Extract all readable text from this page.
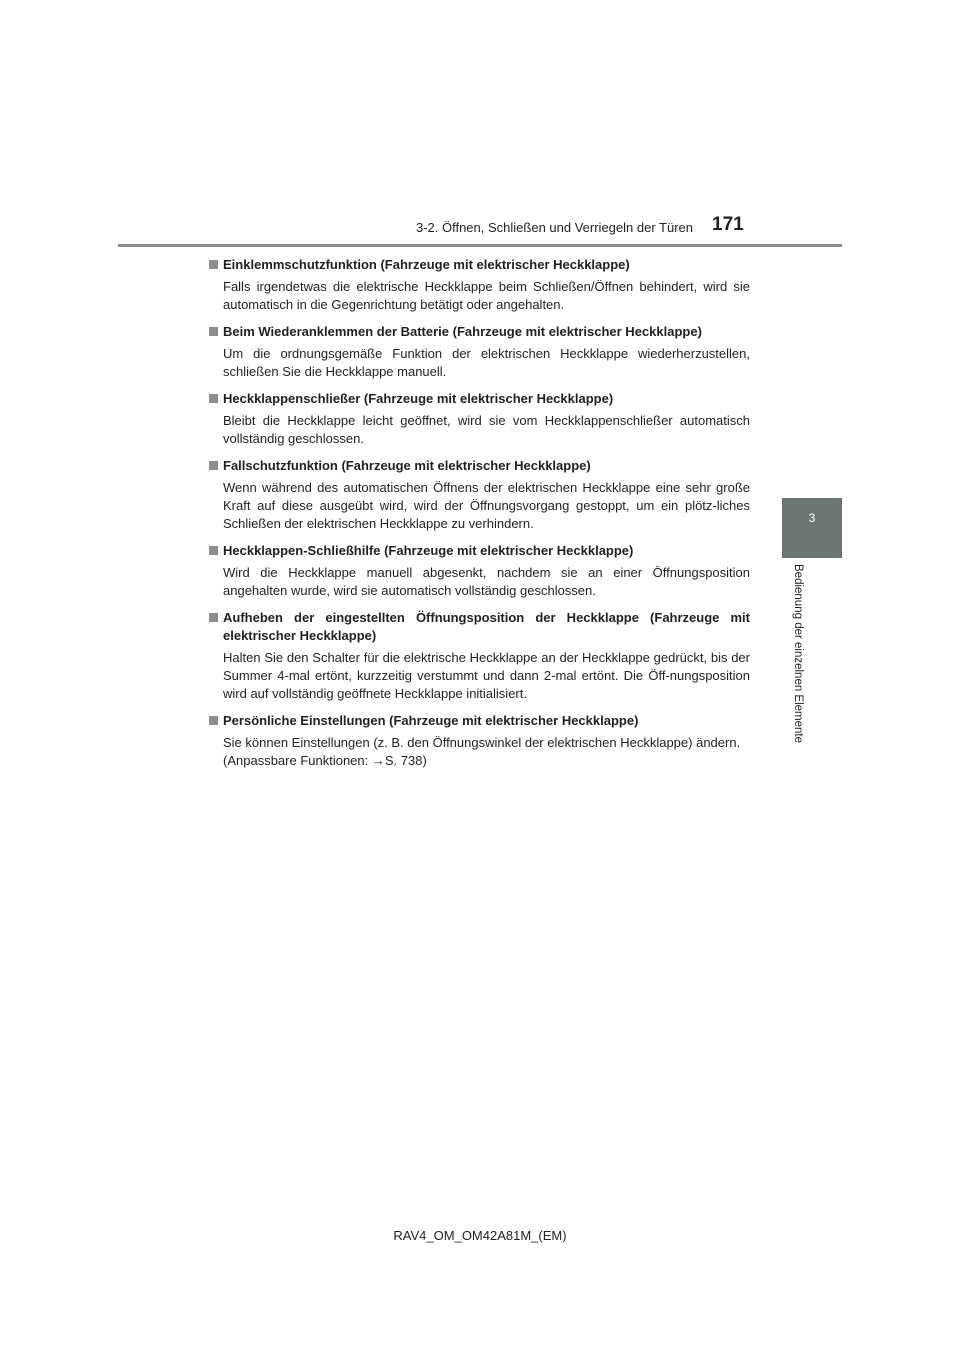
3-2. Öffnen, Schließen und Verriegeln der Türen 171
3
Bedienung der einzelnen Elemente
Einklemmschutzfunktion (Fahrzeuge mit elektrischer Heckklappe)

Falls irgendetwas die elektrische Heckklappe beim Schließen/Öffnen behindert, wird sie automatisch in die Gegenrichtung betätigt oder angehalten.

Beim Wiederanklemmen der Batterie (Fahrzeuge mit elektrischer Heckklappe)

Um die ordnungsgemäße Funktion der elektrischen Heckklappe wiederherzustellen, schließen Sie die Heckklappe manuell.

Heckklappenschließer (Fahrzeuge mit elektrischer Heckklappe)

Bleibt die Heckklappe leicht geöffnet, wird sie vom Heckklappenschließer automatisch vollständig geschlossen.

Fallschutzfunktion (Fahrzeuge mit elektrischer Heckklappe)

Wenn während des automatischen Öffnens der elektrischen Heckklappe eine sehr große Kraft auf diese ausgeübt wird, wird der Öffnungsvorgang gestoppt, um ein plötz-liches Schließen der elektrischen Heckklappe zu verhindern.

Heckklappen-Schließhilfe (Fahrzeuge mit elektrischer Heckklappe)

Wird die Heckklappe manuell abgesenkt, nachdem sie an einer Öffnungsposition angehalten wurde, wird sie automatisch vollständig geschlossen.

Aufheben der eingestellten Öffnungsposition der Heckklappe (Fahrzeuge mit elektrischer Heckklappe)

Halten Sie den Schalter für die elektrische Heckklappe an der Heckklappe gedrückt, bis der Summer 4-mal ertönt, kurzzeitig verstummt und dann 2-mal ertönt. Die Öff-nungsposition wird auf vollständig geöffnete Heckklappe initialisiert.

Persönliche Einstellungen (Fahrzeuge mit elektrischer Heckklappe)

Sie können Einstellungen (z. B. den Öffnungswinkel der elektrischen Heckklappe) ändern.

(Anpassbare Funktionen: →S. 738)

RAV4_OM_OM42A81M_(EM)
